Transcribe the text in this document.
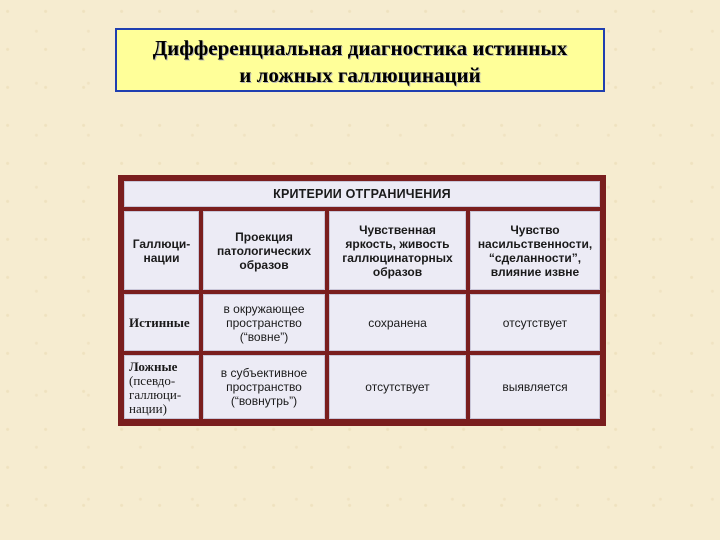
Дифференциальная диагностика истинных
и ложных галлюцинаций
КРИТЕРИИ ОТГРАНИЧЕНИЯ
Галлюци-
нации
Проекция
патологических
образов
Чувственная
яркость, живость
галлюцинаторных
образов
Чувство
насильственности,
“сделанности”,
влияние извне
Истинные
в окружающее
пространство
(“вовне”)
сохранена	отсутствует
Ложные
(псевдо-
галлюци-
нации)
в субъективное
пространство
(“вовнутрь”)
отсутствует	выявляется
